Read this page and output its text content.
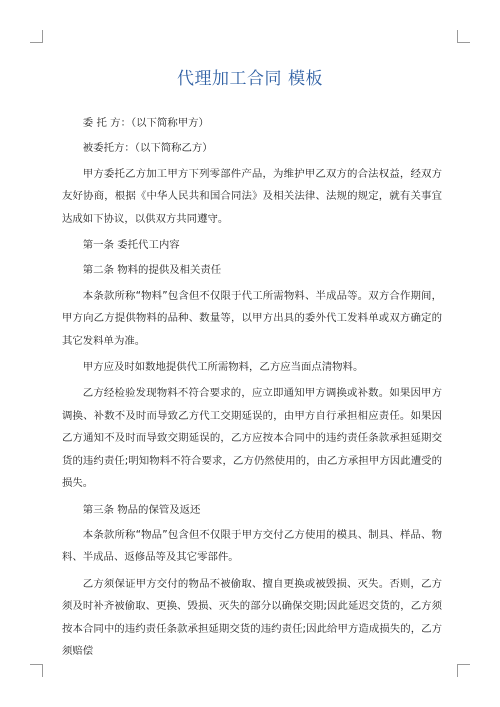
代理加工合同 模板

委 托 方：（以下简称甲方）

被委托方：（以下简称乙方）

甲方委托乙方加工甲方下列零部件产品，为维护甲乙双方的合法权益，经双方友好协商，根据《中华人民共和国合同法》及相关法律、法规的规定，就有关事宜达成如下协议，以供双方共同遵守。

第一条 委托代工内容

第二条 物料的提供及相关责任

本条款所称“物料”包含但不仅限于代工所需物料、半成品等。双方合作期间，甲方向乙方提供物料的品种、数量等，以甲方出具的委外代工发料单或双方确定的其它发料单为准。

甲方应及时如数地提供代工所需物料，乙方应当面点清物料。

乙方经检验发现物料不符合要求的，应立即通知甲方调换或补数。如果因甲方调换、补数不及时而导致乙方代工交期延误的，由甲方自行承担相应责任。如果因乙方通知不及时而导致交期延误的，乙方应按本合同中的违约责任条款承担延期交货的违约责任;明知物料不符合要求，乙方仍然使用的，由乙方承担甲方因此遭受的损失。

第三条 物品的保管及返还

本条款所称“物品”包含但不仅限于甲方交付乙方使用的模具、制具、样品、物料、半成品、返修品等及其它零部件。

乙方须保证甲方交付的物品不被偷取、擅自更换或被毁损、灭失。否则，乙方须及时补齐被偷取、更换、毁损、灭失的部分以确保交期;因此延迟交货的，乙方须按本合同中的违约责任条款承担延期交货的违约责任;因此给甲方造成损失的，乙方须赔偿
